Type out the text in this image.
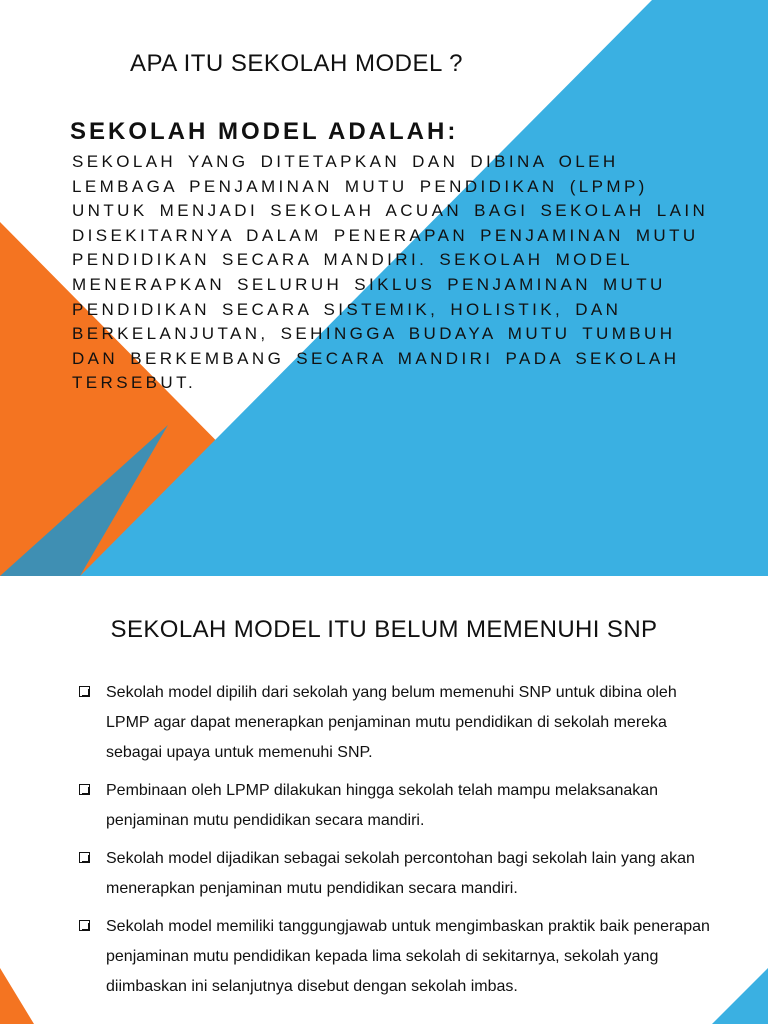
APA ITU SEKOLAH MODEL ?
SEKOLAH MODEL ADALAH:

SEKOLAH YANG DITETAPKAN DAN DIBINA OLEH LEMBAGA PENJAMINAN MUTU PENDIDIKAN (LPMP) UNTUK MENJADI SEKOLAH ACUAN BAGI SEKOLAH LAIN DISEKITARNYA DALAM PENERAPAN PENJAMINAN MUTU PENDIDIKAN SECARA MANDIRI. SEKOLAH MODEL MENERAPKAN SELURUH SIKLUS PENJAMINAN MUTU PENDIDIKAN SECARA SISTEMIK, HOLISTIK, DAN BERKELANJUTAN, SEHINGGA BUDAYA MUTU TUMBUH DAN BERKEMBANG SECARA MANDIRI PADA SEKOLAH TERSEBUT.

SEKOLAH MODEL ITU BELUM MEMENUHI SNP
Sekolah model dipilih dari sekolah yang belum memenuhi SNP untuk dibina oleh LPMP agar dapat menerapkan penjaminan mutu pendidikan di sekolah mereka sebagai upaya untuk memenuhi SNP.
Pembinaan oleh LPMP dilakukan hingga sekolah telah mampu melaksanakan penjaminan mutu pendidikan secara mandiri.
Sekolah model dijadikan sebagai sekolah percontohan bagi sekolah lain yang akan menerapkan penjaminan mutu pendidikan secara mandiri.
Sekolah model memiliki tanggungjawab untuk mengimbaskan praktik baik penerapan penjaminan mutu pendidikan kepada lima sekolah di sekitarnya, sekolah yang diimbaskan ini selanjutnya disebut dengan sekolah imbas.
